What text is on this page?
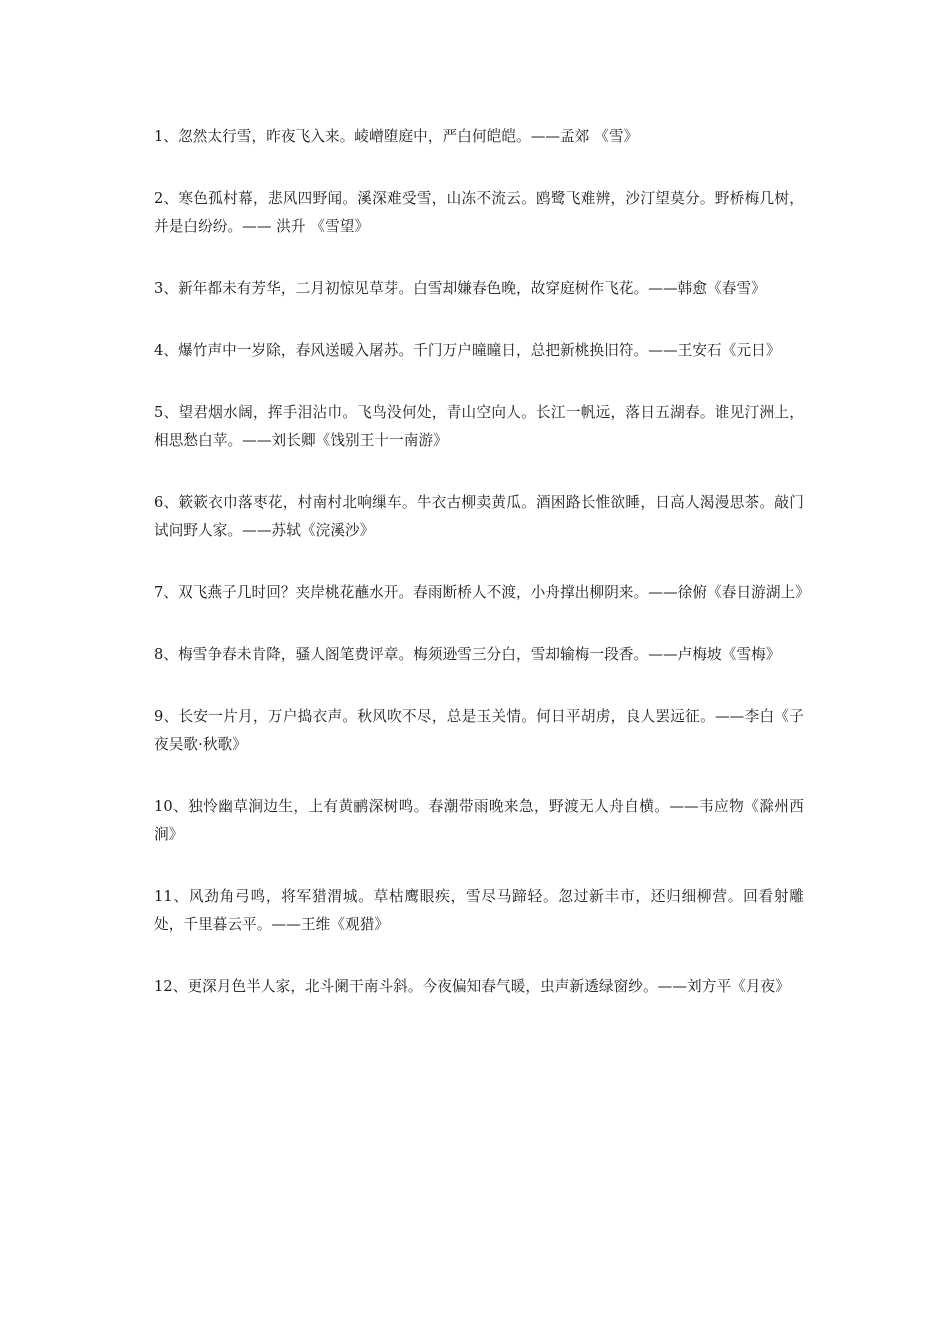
1、忽然太行雪，昨夜飞入来。崚嶒堕庭中，严白何皑皑。——孟郊 《雪》

2、寒色孤村幕，悲风四野闻。溪深难受雪，山冻不流云。鸥鹭飞难辨，沙汀望莫分。野桥梅几树，并是白纷纷。—— 洪升 《雪望》

3、新年都未有芳华，二月初惊见草芽。白雪却嫌春色晚，故穿庭树作飞花。——韩愈《春雪》

4、爆竹声中一岁除，春风送暖入屠苏。千门万户曈曈日，总把新桃换旧符。——王安石《元日》

5、望君烟水阔，挥手泪沾巾。飞鸟没何处，青山空向人。长江一帆远，落日五湖春。谁见汀洲上，相思愁白苹。——刘长卿《饯别王十一南游》

6、簌簌衣巾落枣花，村南村北响缫车。牛衣古柳卖黄瓜。酒困路长惟欲睡，日高人渴漫思茶。敲门试问野人家。——苏轼《浣溪沙》

7、双飞燕子几时回？夹岸桃花蘸水开。春雨断桥人不渡，小舟撑出柳阴来。——徐俯《春日游湖上》

8、梅雪争春未肯降，骚人阁笔费评章。梅须逊雪三分白，雪却输梅一段香。——卢梅坡《雪梅》

9、长安一片月，万户捣衣声。秋风吹不尽，总是玉关情。何日平胡虏，良人罢远征。——李白《子夜吴歌·秋歌》

10、独怜幽草涧边生，上有黄鹂深树鸣。春潮带雨晚来急，野渡无人舟自横。——韦应物《滁州西涧》

11、风劲角弓鸣，将军猎渭城。草枯鹰眼疾，雪尽马蹄轻。忽过新丰市，还归细柳营。回看射雕处，千里暮云平。——王维《观猎》

12、更深月色半人家，北斗阑干南斗斜。今夜偏知春气暖，虫声新透绿窗纱。——刘方平《月夜》
